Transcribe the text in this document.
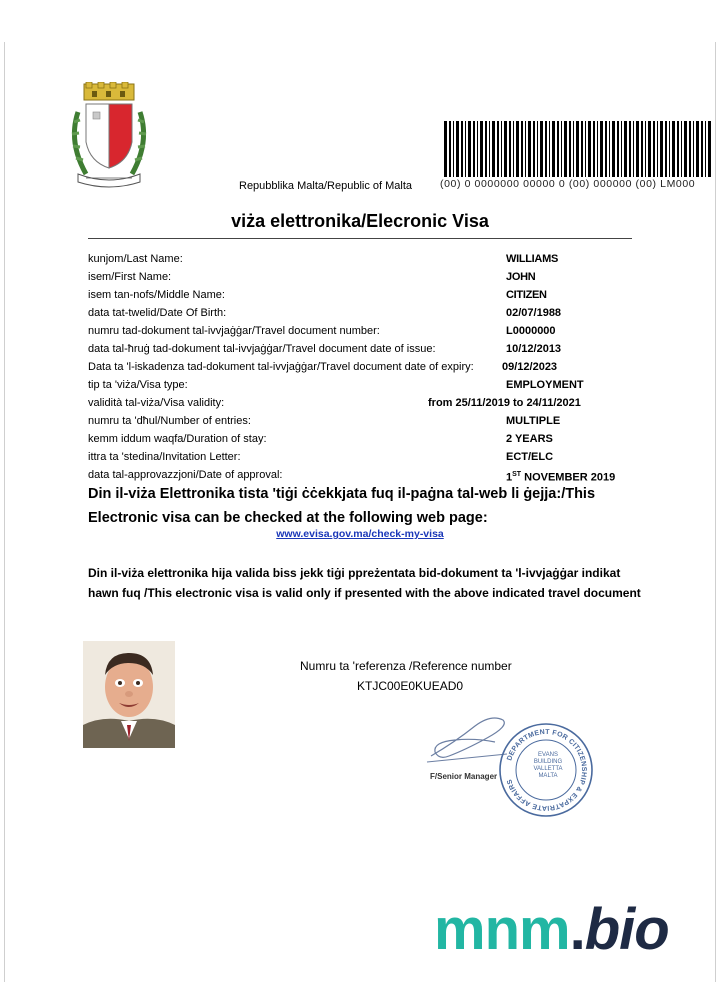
Repubblika Malta/Republic of Malta	(00) 0 0000000 00000 0 (00) 000000 (00) LM000
viża elettronika/Elecronic Visa
kunjom/Last Name:	WILLIAMS
isem/First Name:	JOHN
isem tan-nofs/Middle Name:	CITIZEN
data tat-twelid/Date Of Birth:	02/07/1988
numru tad-dokument tal-ivvjaġġar/Travel document number:	L0000000
data tal-ħruġ tad-dokument tal-ivvjaġġar/Travel document date of issue:	10/12/2013
Data ta 'l-iskadenza tad-dokument tal-ivvjaġġar/Travel document date of expiry:	09/12/2023
tip ta 'viża/Visa type:	EMPLOYMENT
validità tal-viża/Visa validity:	from 25/11/2019 to 24/11/2021
numru ta 'dħul/Number of entries:	MULTIPLE
kemm iddum waqfa/Duration of stay:	2 YEARS
ittra ta 'stedina/Invitation Letter:	ECT/ELC
data tal-approvazzjoni/Date of approval:	1ST NOVEMBER 2019
Din il-viża Elettronika tista 'tiġi ċċekkjata fuq il-paġna tal-web li ġejja:/This Electronic visa can be checked at the following web page:
www.evisa.gov.ma/check-my-visa
Din il-viża elettronika hija valida biss jekk tiġi ppreżentata bid-dokument ta 'l-ivvjaġġar indikat hawn fuq /This electronic visa is valid only if presented with the above indicated travel document
Numru ta 'referenza /Reference number
KTJC00E0KUEAD0
F/Senior Manager
DEPARTMENT FOR CITIZENSHIP & EXPATRIATE AFFAIRS
EVANS BUILDING VALLETTA MALTA
mnm.bio
